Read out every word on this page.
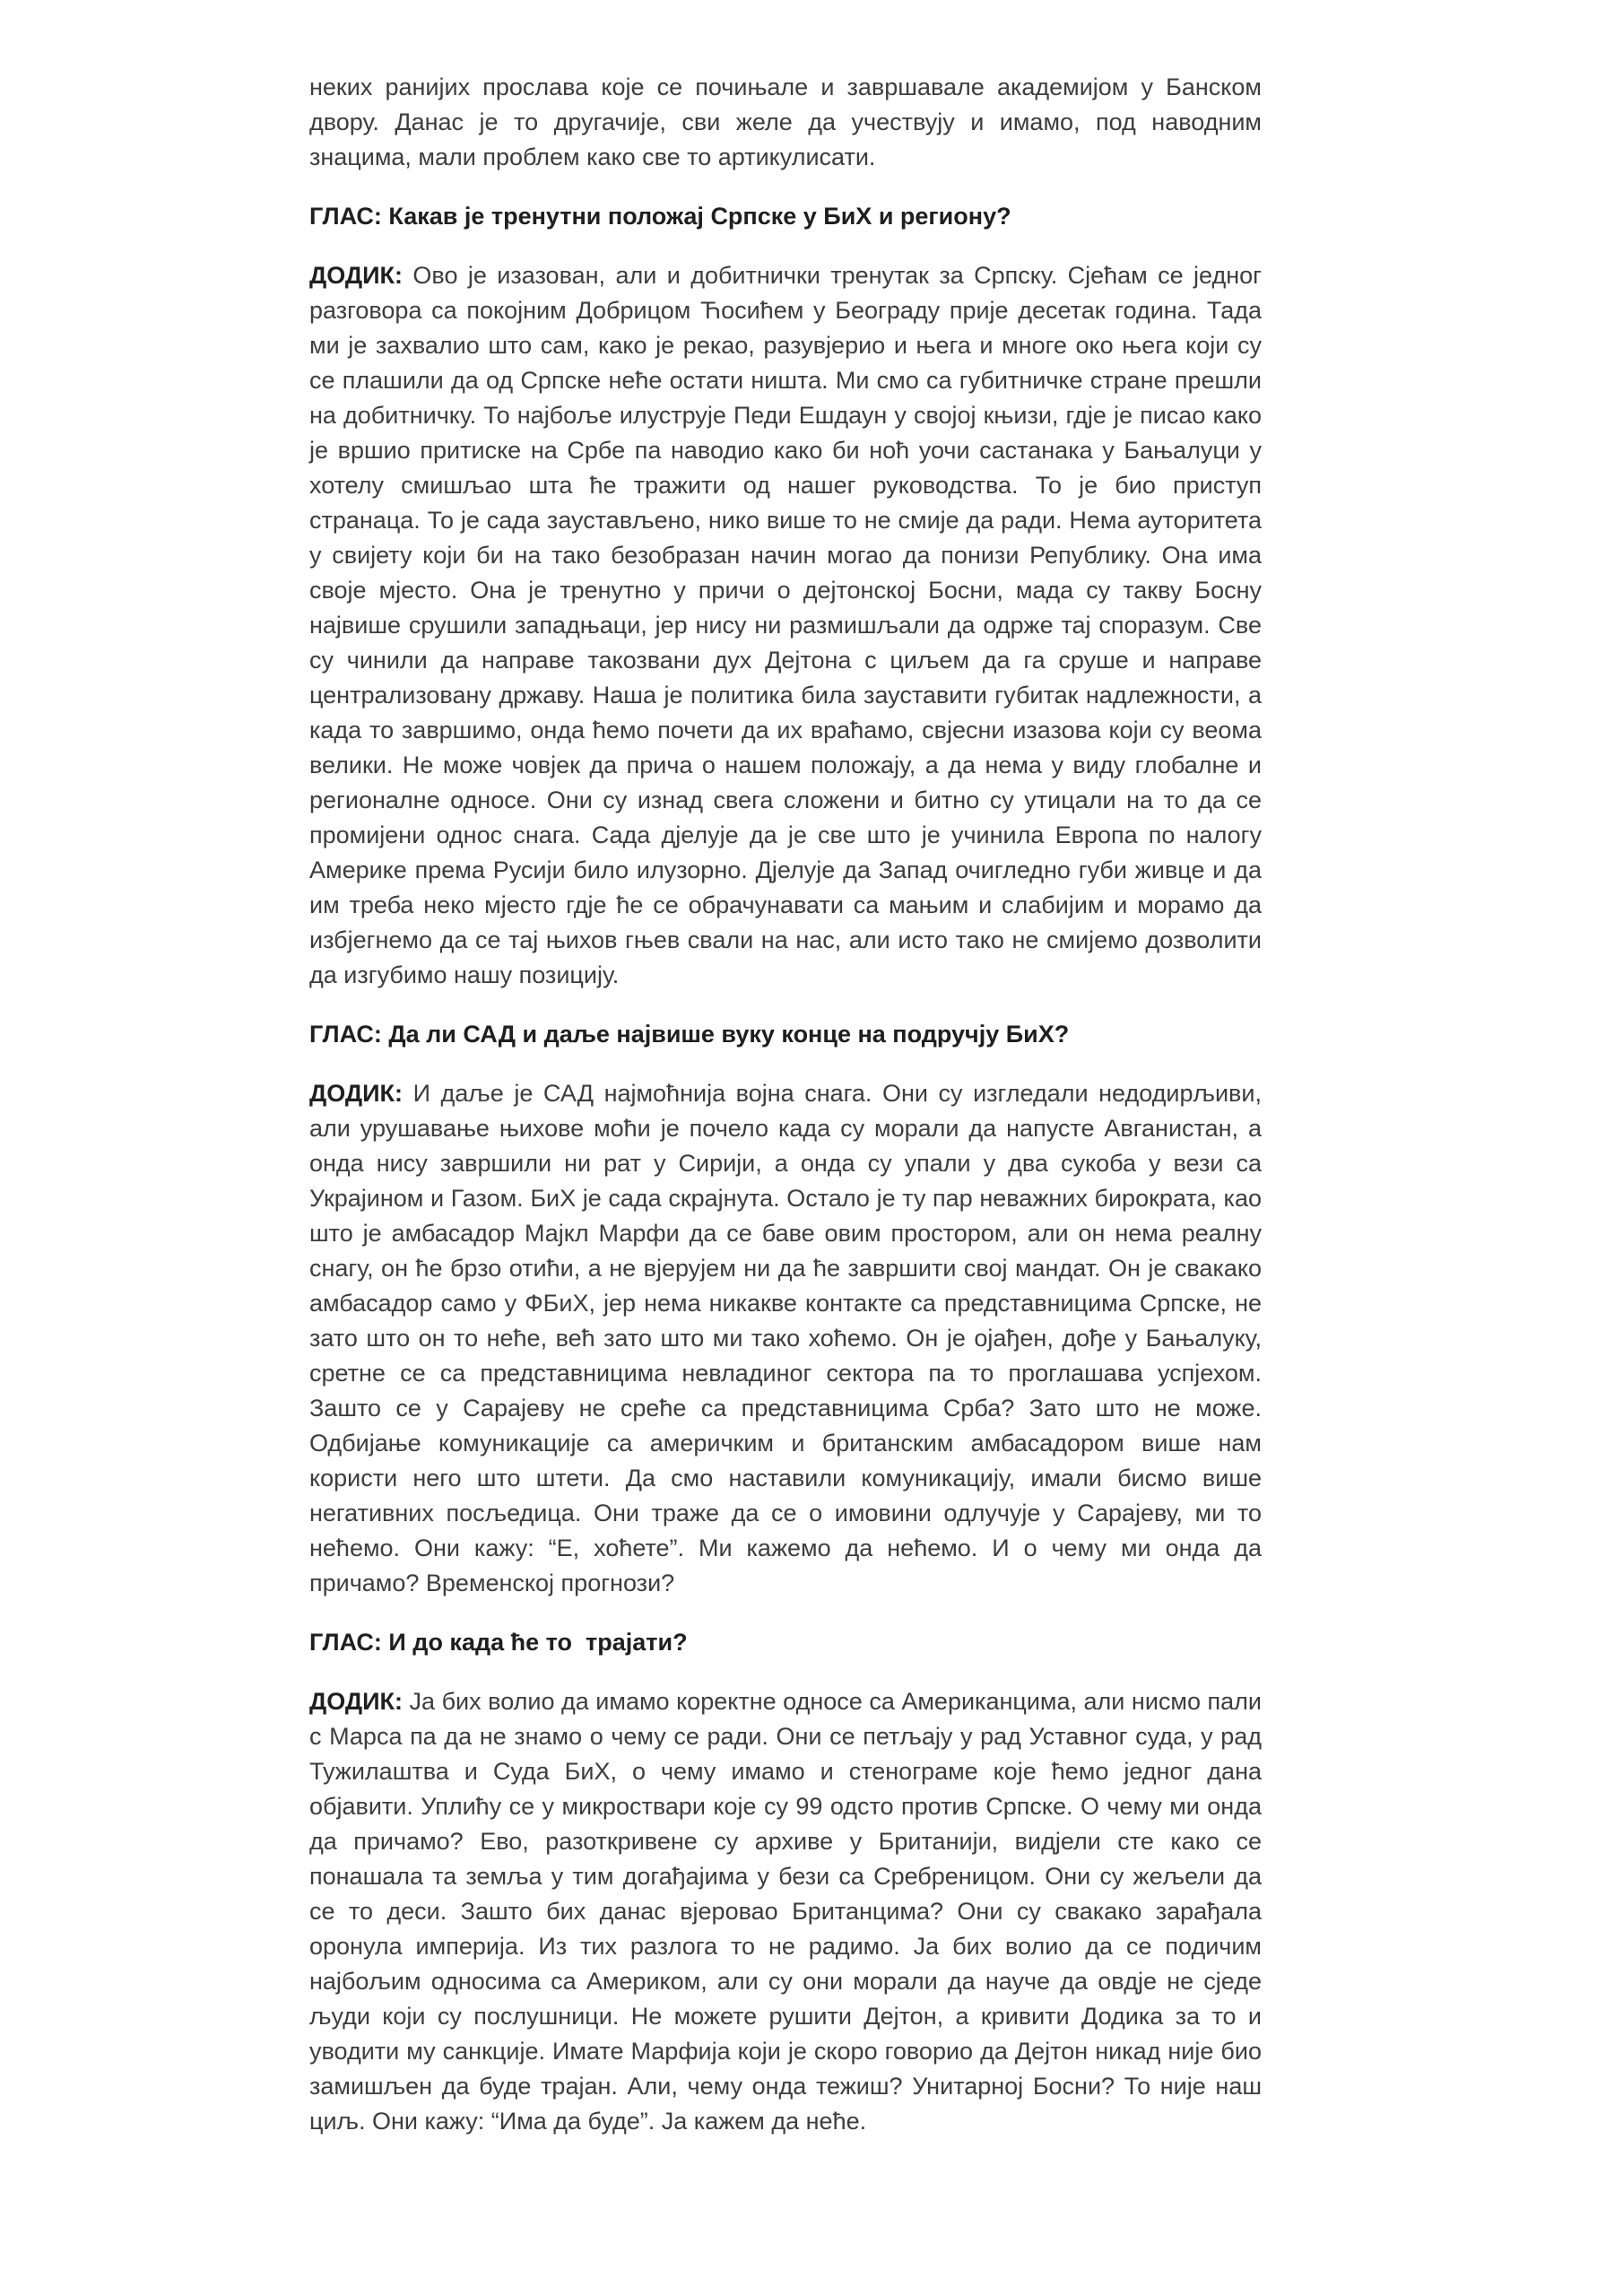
неких ранијих прослава које се почињале и завршавале академијом у Банском двору. Данас је то другачије, сви желе да учествују и имамо, под наводним знацима, мали проблем како све то артикулисати.

ГЛАС: Какав је тренутни положај Српске у БиХ и региону?

ДОДИК: Ово је изазован, али и добитнички тренутак за Српску. Сјећам се једног разговора са покојним Добрицом Ћосићем у Београду прије десетак година. Тада ми је захвалио што сам, како је рекао, разувјерио и њега и многе око њега који су се плашили да од Српске неће остати ништа. Ми смо са губитничке стране прешли на добитничку. То најбоље илуструје Педи Ешдаун у својој књизи, гдје је писао како је вршио притиске на Србе па наводио како би ноћ уочи састанака у Бањалуци у хотелу смишљао шта ће тражити од нашег руководства. То је био приступ странаца. То је сада заустављено, нико више то не смије да ради. Нема ауторитета у свијету који би на тако безобразан начин могао да понизи Републику. Она има своје мјесто. Она је тренутно у причи о дејтонској Босни, мада су такву Босну највише срушили западњаци, јер нису ни размишљали да одрже тај споразум. Све су чинили да направе такозвани дух Дејтона с циљем да га сруше и направе централизовану државу. Наша је политика била зауставити губитак надлежности, а када то завршимо, онда ћемо почети да их враћамо, свјесни изазова који су веома велики. Не може човјек да прича о нашем положају, а да нема у виду глобалне и регионалне односе. Они су изнад свега сложени и битно су утицали на то да се промијени однос снага. Сада дјелује да је све што је учинила Европа по налогу Америке према Русији било илузорно. Дјелује да Запад очигледно губи живце и да им треба неко мјесто гдје ће се обрачунавати са мањим и слабијим и морамо да избјегнемо да се тај њихов гњев свали на нас, али исто тако не смијемо дозволити да изгубимо нашу позицију.

ГЛАС: Да ли САД и даље највише вуку конце на подручју БиХ?

ДОДИК: И даље је САД најмоћнија војна снага. Они су изгледали недодирљиви, али урушавање њихове моћи је почело када су морали да напусте Авганистан, а онда нису завршили ни рат у Сирији, а онда су упали у два сукоба у вези са Украјином и Газом. БиХ је сада скрајнута. Остало је ту пар неважних бирократа, као што је амбасадор Мајкл Марфи да се баве овим простором, али он нема реалну снагу, он ће брзо отићи, а не вјерујем ни да ће завршити свој мандат. Он је свакако амбасадор само у ФБиХ, јер нема никакве контакте са представницима Српске, не зато што он то неће, већ зато што ми тако хоћемо. Он је ојађен, дође у Бањалуку, сретне се са представницима невладиног сектора па то проглашава успјехом. Зашто се у Сарајеву не среће са представницима Срба? Зато што не може. Одбијање комуникације са америчким и британским амбасадором више нам користи него што штети. Да смо наставили комуникацију, имали бисмо више негативних посљедица. Они траже да се о имовини одлучује у Сарајеву, ми то нећемо. Они кажу: “Е, хоћете”. Ми кажемо да нећемо. И о чему ми онда да причамо? Временској прогнози?

ГЛАС: И до када ће то  трајати?

ДОДИК: Ја бих волио да имамо коректне односе са Американцима, али нисмо пали с Марса па да не знамо о чему се ради. Они се петљају у рад Уставног суда, у рад Тужилаштва и Суда БиХ, о чему имамо и стенограме које ћемо једног дана објавити. Уплићу се у микроствари које су 99 одсто против Српске. О чему ми онда да причамо? Ево, разоткривене су архиве у Британији, видјели сте како се понашала та земља у тим догађајима у бези са Сребреницом. Они су жељели да се то деси. Зашто бих данас вјеровао Британцима? Они су свакако зарађала оронула империја. Из тих разлога то не радимо. Ја бих волио да се подичим најбољим односима са Америком, али су они морали да науче да овдје не сједе људи који су послушници. Не можете рушити Дејтон, а кривити Додика за то и уводити му санкције. Имате Марфија који је скоро говорио да Дејтон никад није био замишљен да буде трајан. Али, чему онда тежиш? Унитарној Босни? То није наш циљ. Они кажу: “Има да буде”. Ја кажем да неће.
